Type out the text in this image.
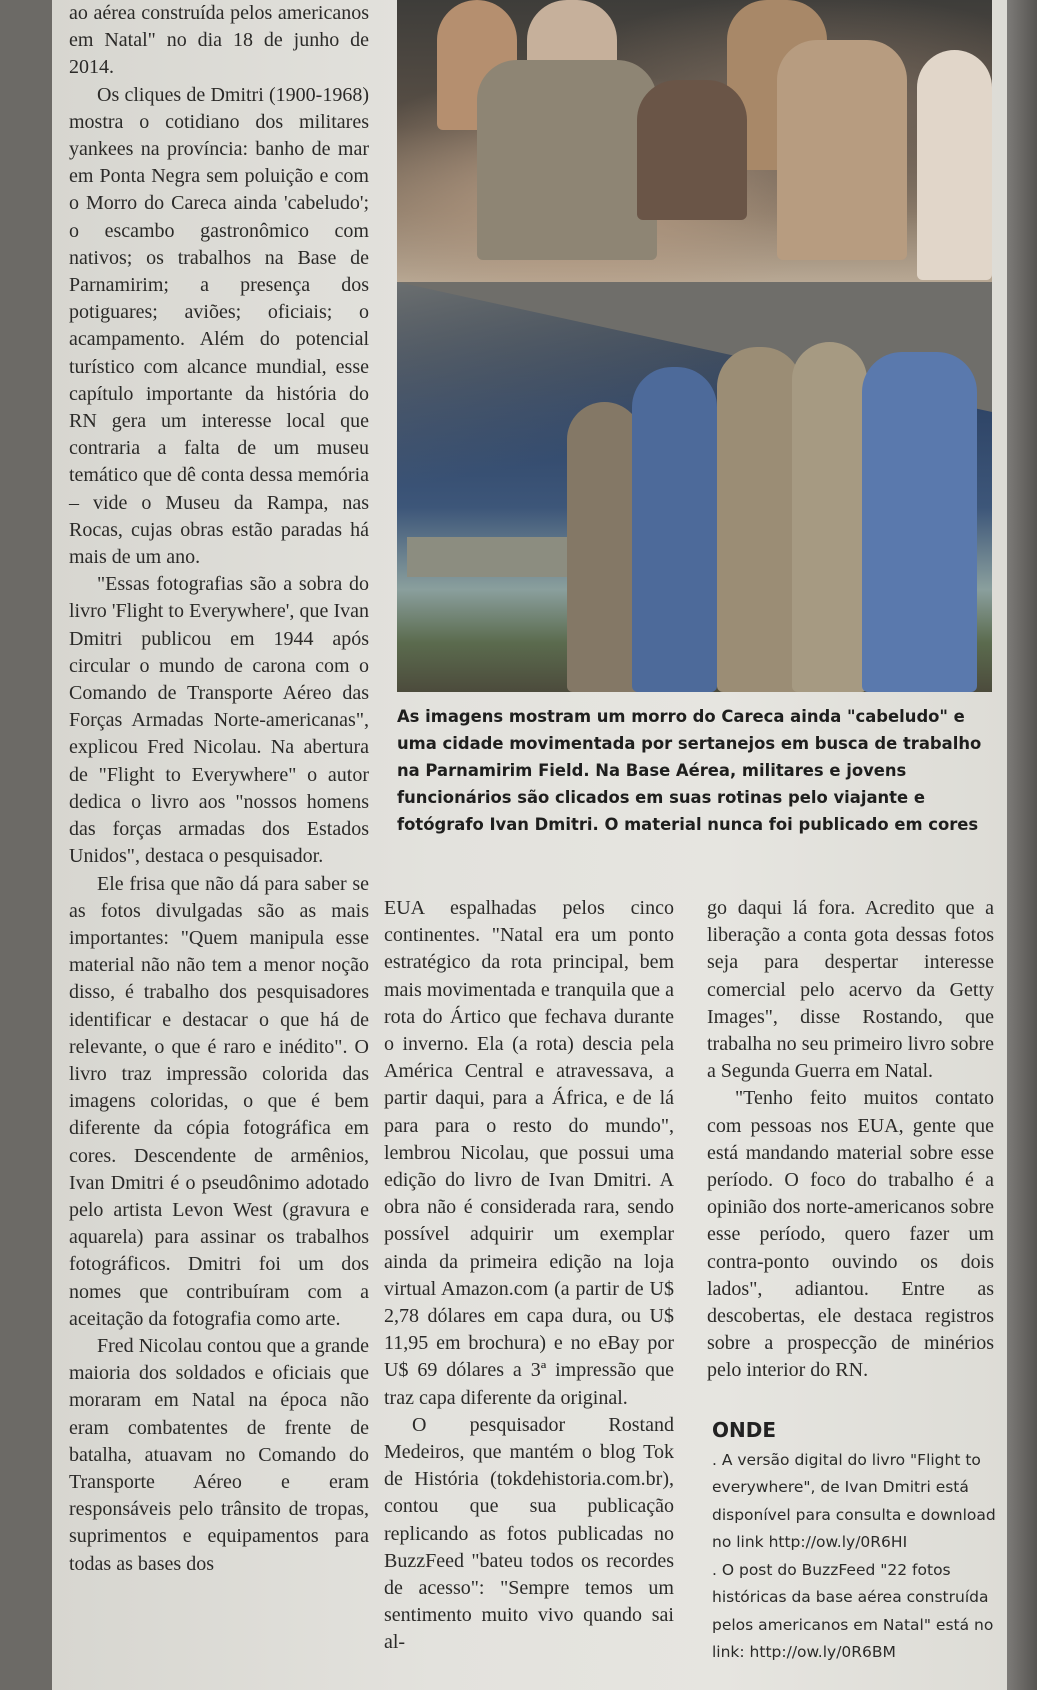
ao aérea construída pelos americanos em Natal" no dia 18 de junho de 2014.

Os cliques de Dmitri (1900-1968) mostra o cotidiano dos militares yankees na província: banho de mar em Ponta Negra sem poluição e com o Morro do Careca ainda 'cabeludo'; o escambo gastronômico com nativos; os trabalhos na Base de Parnamirim; a presença dos potiguares; aviões; oficiais; o acampamento. Além do potencial turístico com alcance mundial, esse capítulo importante da história do RN gera um interesse local que contraria a falta de um museu temático que dê conta dessa memória – vide o Museu da Rampa, nas Rocas, cujas obras estão paradas há mais de um ano.

"Essas fotografias são a sobra do livro 'Flight to Everywhere', que Ivan Dmitri publicou em 1944 após circular o mundo de carona com o Comando de Transporte Aéreo das Forças Armadas Norte-americanas", explicou Fred Nicolau. Na abertura de "Flight to Everywhere" o autor dedica o livro aos "nossos homens das forças armadas dos Estados Unidos", destaca o pesquisador.

Ele frisa que não dá para saber se as fotos divulgadas são as mais importantes: "Quem manipula esse material não não tem a menor noção disso, é trabalho dos pesquisadores identificar e destacar o que há de relevante, o que é raro e inédito". O livro traz impressão colorida das imagens coloridas, o que é bem diferente da cópia fotográfica em cores. Descendente de armênios, Ivan Dmitri é o pseudônimo adotado pelo artista Levon West (gravura e aquarela) para assinar os trabalhos fotográficos. Dmitri foi um dos nomes que contribuíram com a aceitação da fotografia como arte.

Fred Nicolau contou que a grande maioria dos soldados e oficiais que moraram em Natal na época não eram combatentes de frente de batalha, atuavam no Comando do Transporte Aéreo e eram responsáveis pelo trânsito de tropas, suprimentos e equipamentos para todas as bases dos

As imagens mostram um morro do Careca ainda "cabeludo" e uma cidade movimentada por sertanejos em busca de trabalho na Parnamirim Field. Na Base Aérea, militares e jovens funcionários são clicados em suas rotinas pelo viajante e fotógrafo Ivan Dmitri. O material nunca foi publicado em cores

EUA espalhadas pelos cinco continentes. "Natal era um ponto estratégico da rota principal, bem mais movimentada e tranquila que a rota do Ártico que fechava durante o inverno. Ela (a rota) descia pela América Central e atravessava, a partir daqui, para a África, e de lá para para o resto do mundo", lembrou Nicolau, que possui uma edição do livro de Ivan Dmitri. A obra não é considerada rara, sendo possível adquirir um exemplar ainda da primeira edição na loja virtual Amazon.com (a partir de U$ 2,78 dólares em capa dura, ou U$ 11,95 em brochura) e no eBay por U$ 69 dólares a 3ª impressão que traz capa diferente da original.

O pesquisador Rostand Medeiros, que mantém o blog Tok de História (tokdehistoria.com.br), contou que sua publicação replicando as fotos publicadas no BuzzFeed "bateu todos os recordes de acesso": "Sempre temos um sentimento muito vivo quando sai al-

go daqui lá fora. Acredito que a liberação a conta gota dessas fotos seja para despertar interesse comercial pelo acervo da Getty Images", disse Rostando, que trabalha no seu primeiro livro sobre a Segunda Guerra em Natal.

"Tenho feito muitos contato com pessoas nos EUA, gente que está mandando material sobre esse período. O foco do trabalho é a opinião dos norte-americanos sobre esse período, quero fazer um contra-ponto ouvindo os dois lados", adiantou. Entre as descobertas, ele destaca registros sobre a prospecção de minérios pelo interior do RN.

ONDE

. A versão digital do livro "Flight to everywhere", de Ivan Dmitri está disponível para consulta e download no link http://ow.ly/0R6HI

. O post do BuzzFeed "22 fotos históricas da base aérea construída pelos americanos em Natal" está no link: http://ow.ly/0R6BM
